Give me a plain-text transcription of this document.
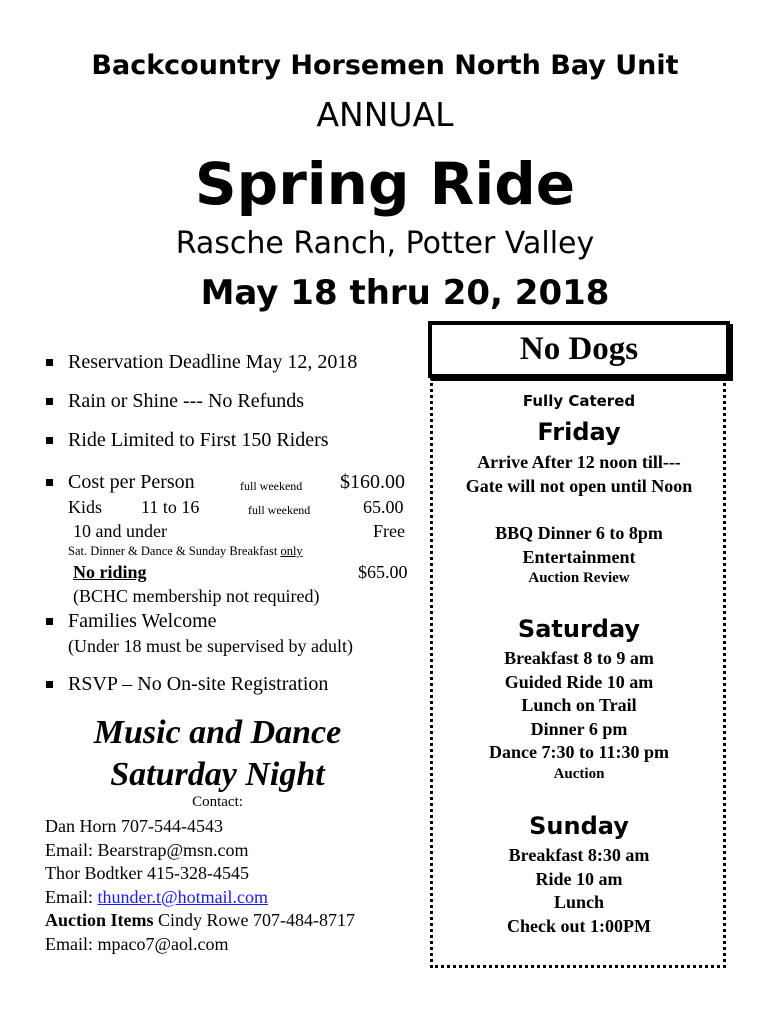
Backcountry Horsemen North Bay Unit
ANNUAL
Spring Ride
Rasche Ranch, Potter Valley
May 18 thru 20, 2018
Reservation Deadline May 12, 2018
Rain or Shine --- No Refunds
Ride Limited to First 150 Riders
Cost per Person	full weekend $160.00
Kids 11 to 16	full weekend	65.00
10 and under	Free
Sat. Dinner & Dance & Sunday Breakfast only
No riding	$65.00
(BCHC membership not required)
Families Welcome
(Under 18 must be supervised by adult)
RSVP – No On-site Registration
Music and Dance
Saturday Night
Contact:
Dan Horn 707-544-4543
Email: Bearstrap@msn.com
Thor Bodtker 415-328-4545
Email: thunder.t@hotmail.com
Auction Items Cindy Rowe 707-484-8717
Email: mpaco7@aol.com
No Dogs
Fully Catered
Friday
Arrive After 12 noon till---
Gate will not open until Noon
BBQ Dinner 6 to 8pm
Entertainment
Auction Review
Saturday
Breakfast 8 to 9 am
Guided Ride 10 am
Lunch on Trail
Dinner 6 pm
Dance 7:30 to 11:30 pm
Auction
Sunday
Breakfast 8:30 am
Ride 10 am
Lunch
Check out 1:00PM
